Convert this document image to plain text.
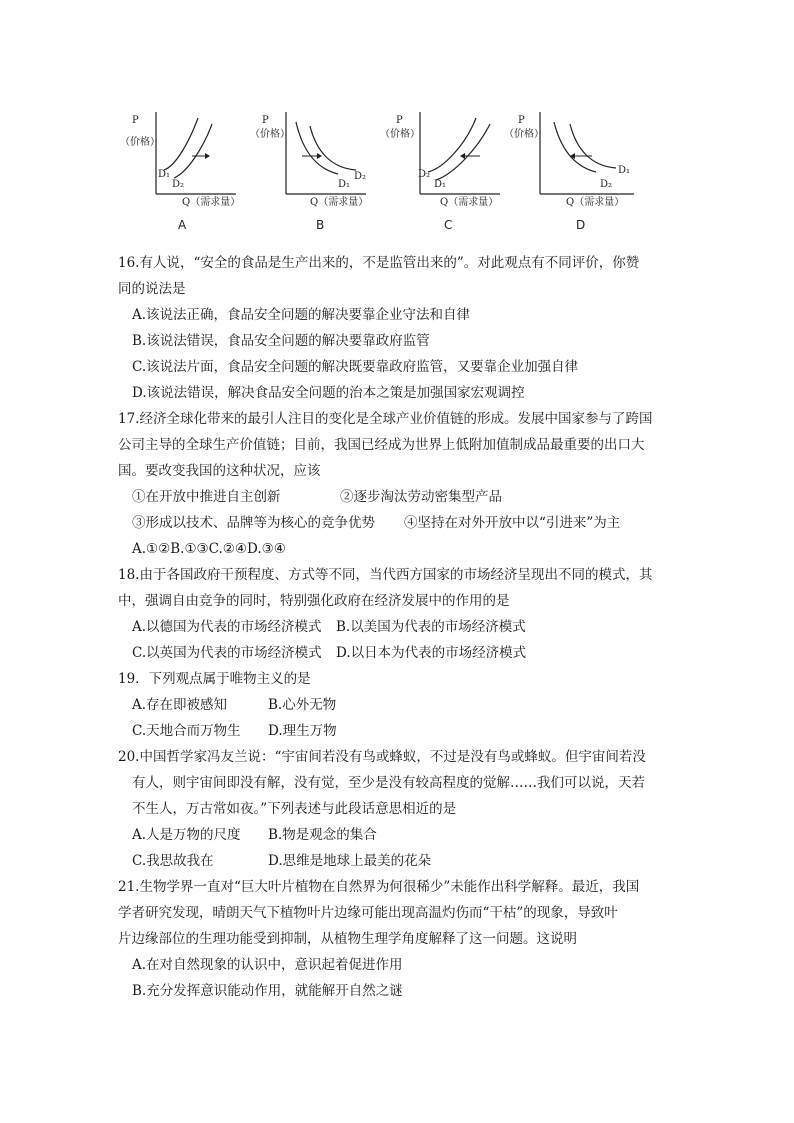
P
（价格）
D₁
D₂
Q（需求量）
A
P
（价格）
D₂
D₁
Q（需求量）
B
P
（价格）
D₂
D₁
Q（需求量）
C
P
（价格）
D₁
D₂
Q（需求量）
D
16.有人说，“安全的食品是生产出来的，不是监管出来的”。对此观点有不同评价，你赞
同的说法是
A.该说法正确，食品安全问题的解决要靠企业守法和自律
B.该说法错误，食品安全问题的解决要靠政府监管
C.该说法片面，食品安全问题的解决既要靠政府监管，又要靠企业加强自律
D.该说法错误，解决食品安全问题的治本之策是加强国家宏观调控
17.经济全球化带来的最引人注目的变化是全球产业价值链的形成。发展中国家参与了跨国
公司主导的全球生产价值链；目前，我国已经成为世界上低附加值制成品最重要的出口大
国。要改变我国的这种状况，应该
①在开放中推进自主创新	②逐步淘汰劳动密集型产品
③形成以技术、品牌等为核心的竞争优势	④坚持在对外开放中以“引进来”为主
A.①②B.①③C.②④D.③④
18.由于各国政府干预程度、方式等不同，当代西方国家的市场经济呈现出不同的模式，其
中，强调自由竞争的同时，特别强化政府在经济发展中的作用的是
A.以德国为代表的市场经济模式	B.以美国为代表的市场经济模式
C.以英国为代表的市场经济模式	D.以日本为代表的市场经济模式
19．下列观点属于唯物主义的是
A.存在即被感知	B.心外无物
C.天地合而万物生	D.理生万物
20.中国哲学家冯友兰说：“宇宙间若没有鸟或蜂蚁，不过是没有鸟或蜂蚁。但宇宙间若没
有人，则宇宙间即没有解，没有觉，至少是没有较高程度的觉解……我们可以说，天若
不生人，万古常如夜。”下列表述与此段话意思相近的是
A.人是万物的尺度	B.物是观念的集合
C.我思故我在	D.思维是地球上最美的花朵
21.生物学界一直对“巨大叶片植物在自然界为何很稀少”未能作出科学解释。最近，我国
学者研究发现，晴朗天气下植物叶片边缘可能出现高温灼伤而“干枯”的现象，导致叶
片边缘部位的生理功能受到抑制，从植物生理学角度解释了这一问题。这说明
A.在对自然现象的认识中，意识起着促进作用
B.充分发挥意识能动作用，就能解开自然之谜
